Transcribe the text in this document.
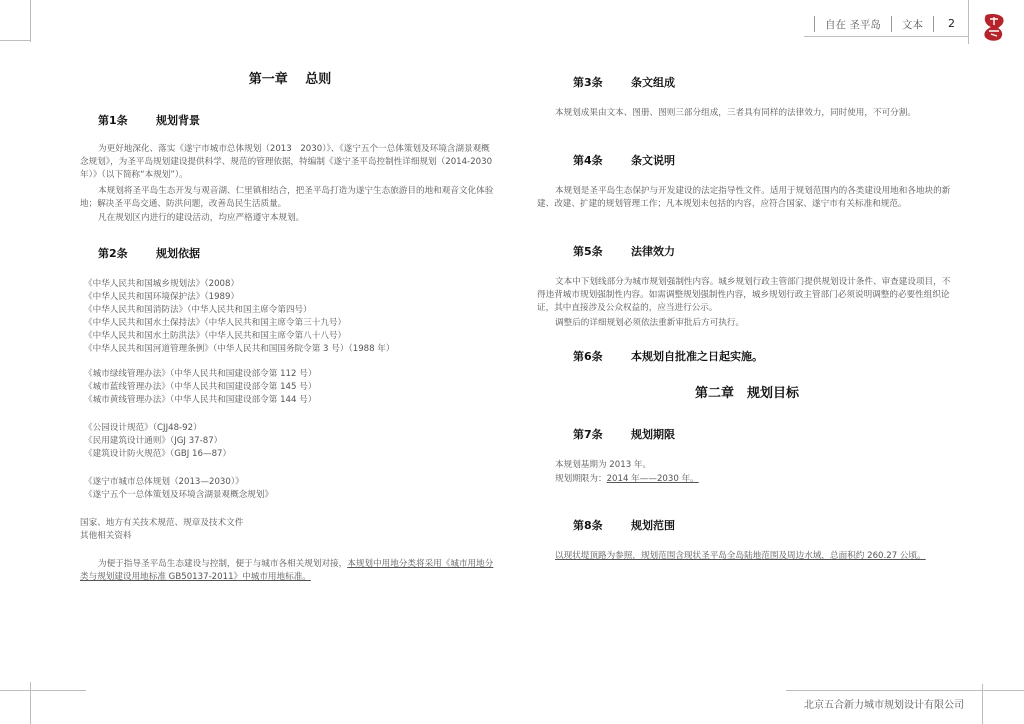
自在 圣平岛 文本 2
第一章　 总则
第1条	规划背景

为更好地深化、落实《遂宁市城市总体规划（2013　2030）》、《遂宁五个一总体策划及环境含湖景观概念规划》，为圣平岛规划建设提供科学、规范的管理依据，特编制《遂宁圣平岛控制性详细规划（2014-2030 年）》（以下简称“本规划”）。

本规划将圣平岛生态开发与观音湖、仁里镇相结合，把圣平岛打造为遂宁生态旅游目的地和观音文化体验地；解决圣平岛交通、防洪问题，改善岛民生活质量。

凡在规划区内进行的建设活动，均应严格遵守本规划。

第2条	规划依据
《中华人民共和国城乡规划法》（2008）
《中华人民共和国环境保护法》（1989）
《中华人民共和国消防法》（中华人民共和国主席令第四号）
《中华人民共和国水土保持法》（中华人民共和国主席令第三十九号）
《中华人民共和国水土防洪法》（中华人民共和国主席令第八十八号）
《中华人民共和国河道管理条例》（中华人民共和国国务院令第 3 号）（1988 年）
《城市绿线管理办法》（中华人民共和国建设部令第 112 号）
《城市蓝线管理办法》（中华人民共和国建设部令第 145 号）
《城市黄线管理办法》（中华人民共和国建设部令第 144 号）
《公园设计规范》（CJJ48-92）
《民用建筑设计通则》（JGJ 37-87）
《建筑设计防火规范》（GBJ 16—87）
《遂宁市城市总体规划（2013—2030）》
《遂宁五个一总体策划及环境含湖景观概念规划》
国家、地方有关技术规范、规章及技术文件
其他相关资料

为便于指导圣平岛生态建设与控制，便于与城市各相关规划对接，本规划中用地分类将采用《城市用地分类与规划建设用地标准 GB50137-2011》中城市用地标准。

第3条	条文组成

本规划成果由文本、图册、图则三部分组成，三者具有同样的法律效力，同时使用，不可分割。

第4条	条文说明

本规划是圣平岛生态保护与开发建设的法定指导性文件。适用于规划范围内的各类建设用地和各地块的新建、改建、扩建的规划管理工作；凡本规划未包括的内容，应符合国家、遂宁市有关标准和规范。

第5条	法律效力

文本中下划线部分为城市规划强制性内容。城乡规划行政主管部门提供规划设计条件、审查建设项目，不得违背城市规划强制性内容。如需调整规划强制性内容，城乡规划行政主管部门必须说明调整的必要性组织论证，其中直接涉及公众权益的，应当进行公示。

调整后的详细规划必须依法重新审批后方可执行。

第6条	本规划自批准之日起实施。
第二章　规划目标
第7条	规划期限

本规划基期为 2013 年。

规划期限为：2014 年——2030 年。

第8条	规划范围

以现状堤顶路为参照，规划范围含现状圣平岛全岛陆地范围及周边水域，总面积约 260.27 公顷。

北京五合新力城市规划设计有限公司
